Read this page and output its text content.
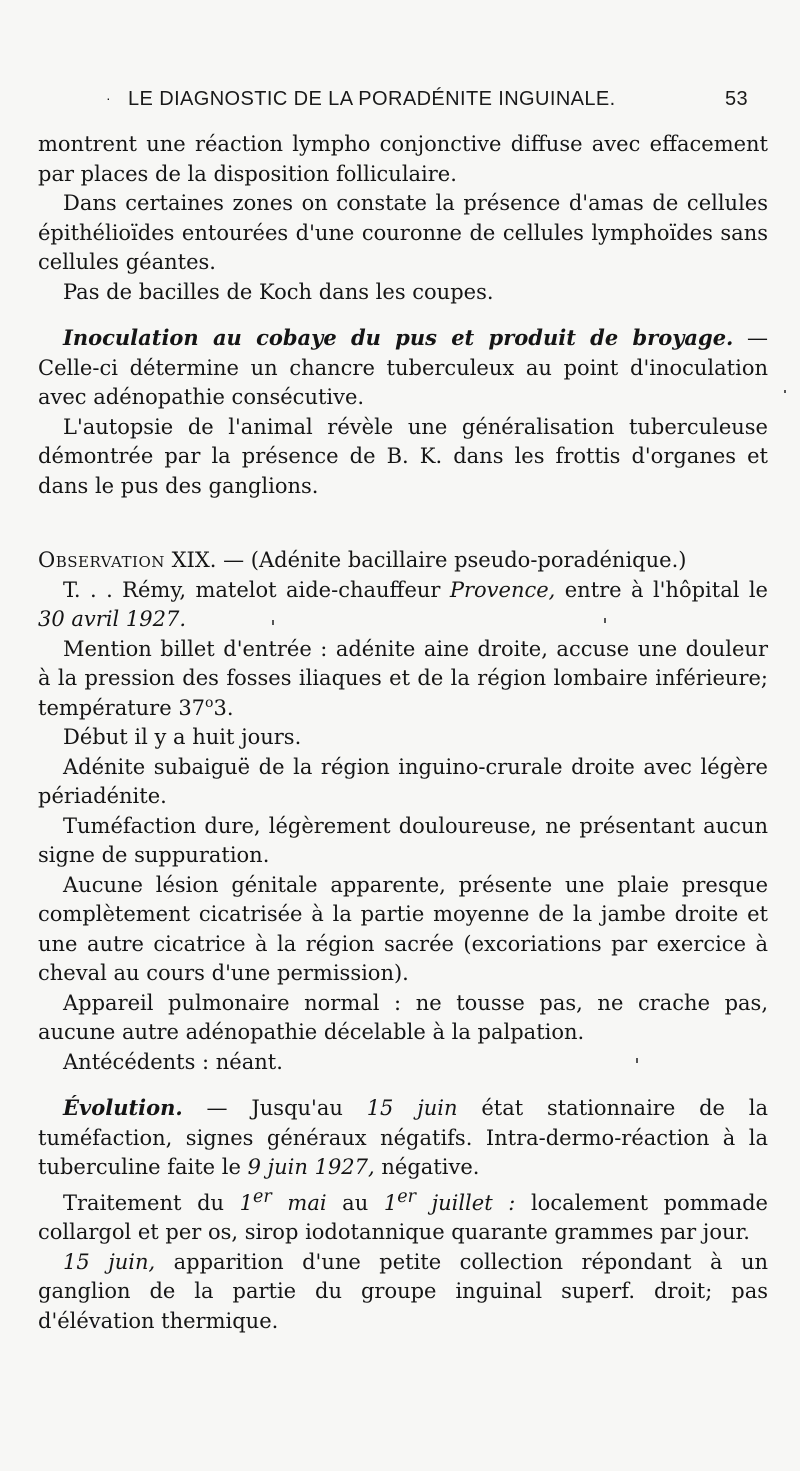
· LE DIAGNOSTIC DE LA PORADÉNITE INGUINALE.	53

montrent une réaction lympho conjonctive diffuse avec effacement par places de la disposition folliculaire.

Dans certaines zones on constate la présence d'amas de cellules épithélioïdes entourées d'une couronne de cellules lymphoïdes sans cellules géantes.

Pas de bacilles de Koch dans les coupes.

Inoculation au cobaye du pus et produit de broyage. — Celle-ci détermine un chancre tuberculeux au point d'inoculation avec adénopathie consécutive.

L'autopsie de l'animal révèle une généralisation tuberculeuse démontrée par la présence de B. K. dans les frottis d'organes et dans le pus des ganglions.

Observation XIX. — (Adénite bacillaire pseudo-poradénique.)

T. . . Rémy, matelot aide-chauffeur Provence, entre à l'hôpital le 30 avril 1927.

Mention billet d'entrée : adénite aine droite, accuse une douleur à la pression des fosses iliaques et de la région lombaire inférieure; température 37$^o$3.

Début il y a huit jours.

Adénite subaiguë de la région inguino-crurale droite avec légère périadénite.

Tuméfaction dure, légèrement douloureuse, ne présentant aucun signe de suppuration.

Aucune lésion génitale apparente, présente une plaie presque complètement cicatrisée à la partie moyenne de la jambe droite et une autre cicatrice à la région sacrée (excoriations par exercice à cheval au cours d'une permission).

Appareil pulmonaire normal : ne tousse pas, ne crache pas, aucune autre adénopathie décelable à la palpation.

Antécédents : néant.

Évolution. — Jusqu'au 15 juin état stationnaire de la tuméfaction, signes généraux négatifs. Intra-dermo-réaction à la tuberculine faite le 9 juin 1927, négative.

Traitement du 1er mai au 1er juillet : localement pommade collargol et per os, sirop iodotannique quarante grammes par jour.

15 juin, apparition d'une petite collection répondant à un ganglion de la partie du groupe inguinal superf. droit; pas d'élévation thermique.
